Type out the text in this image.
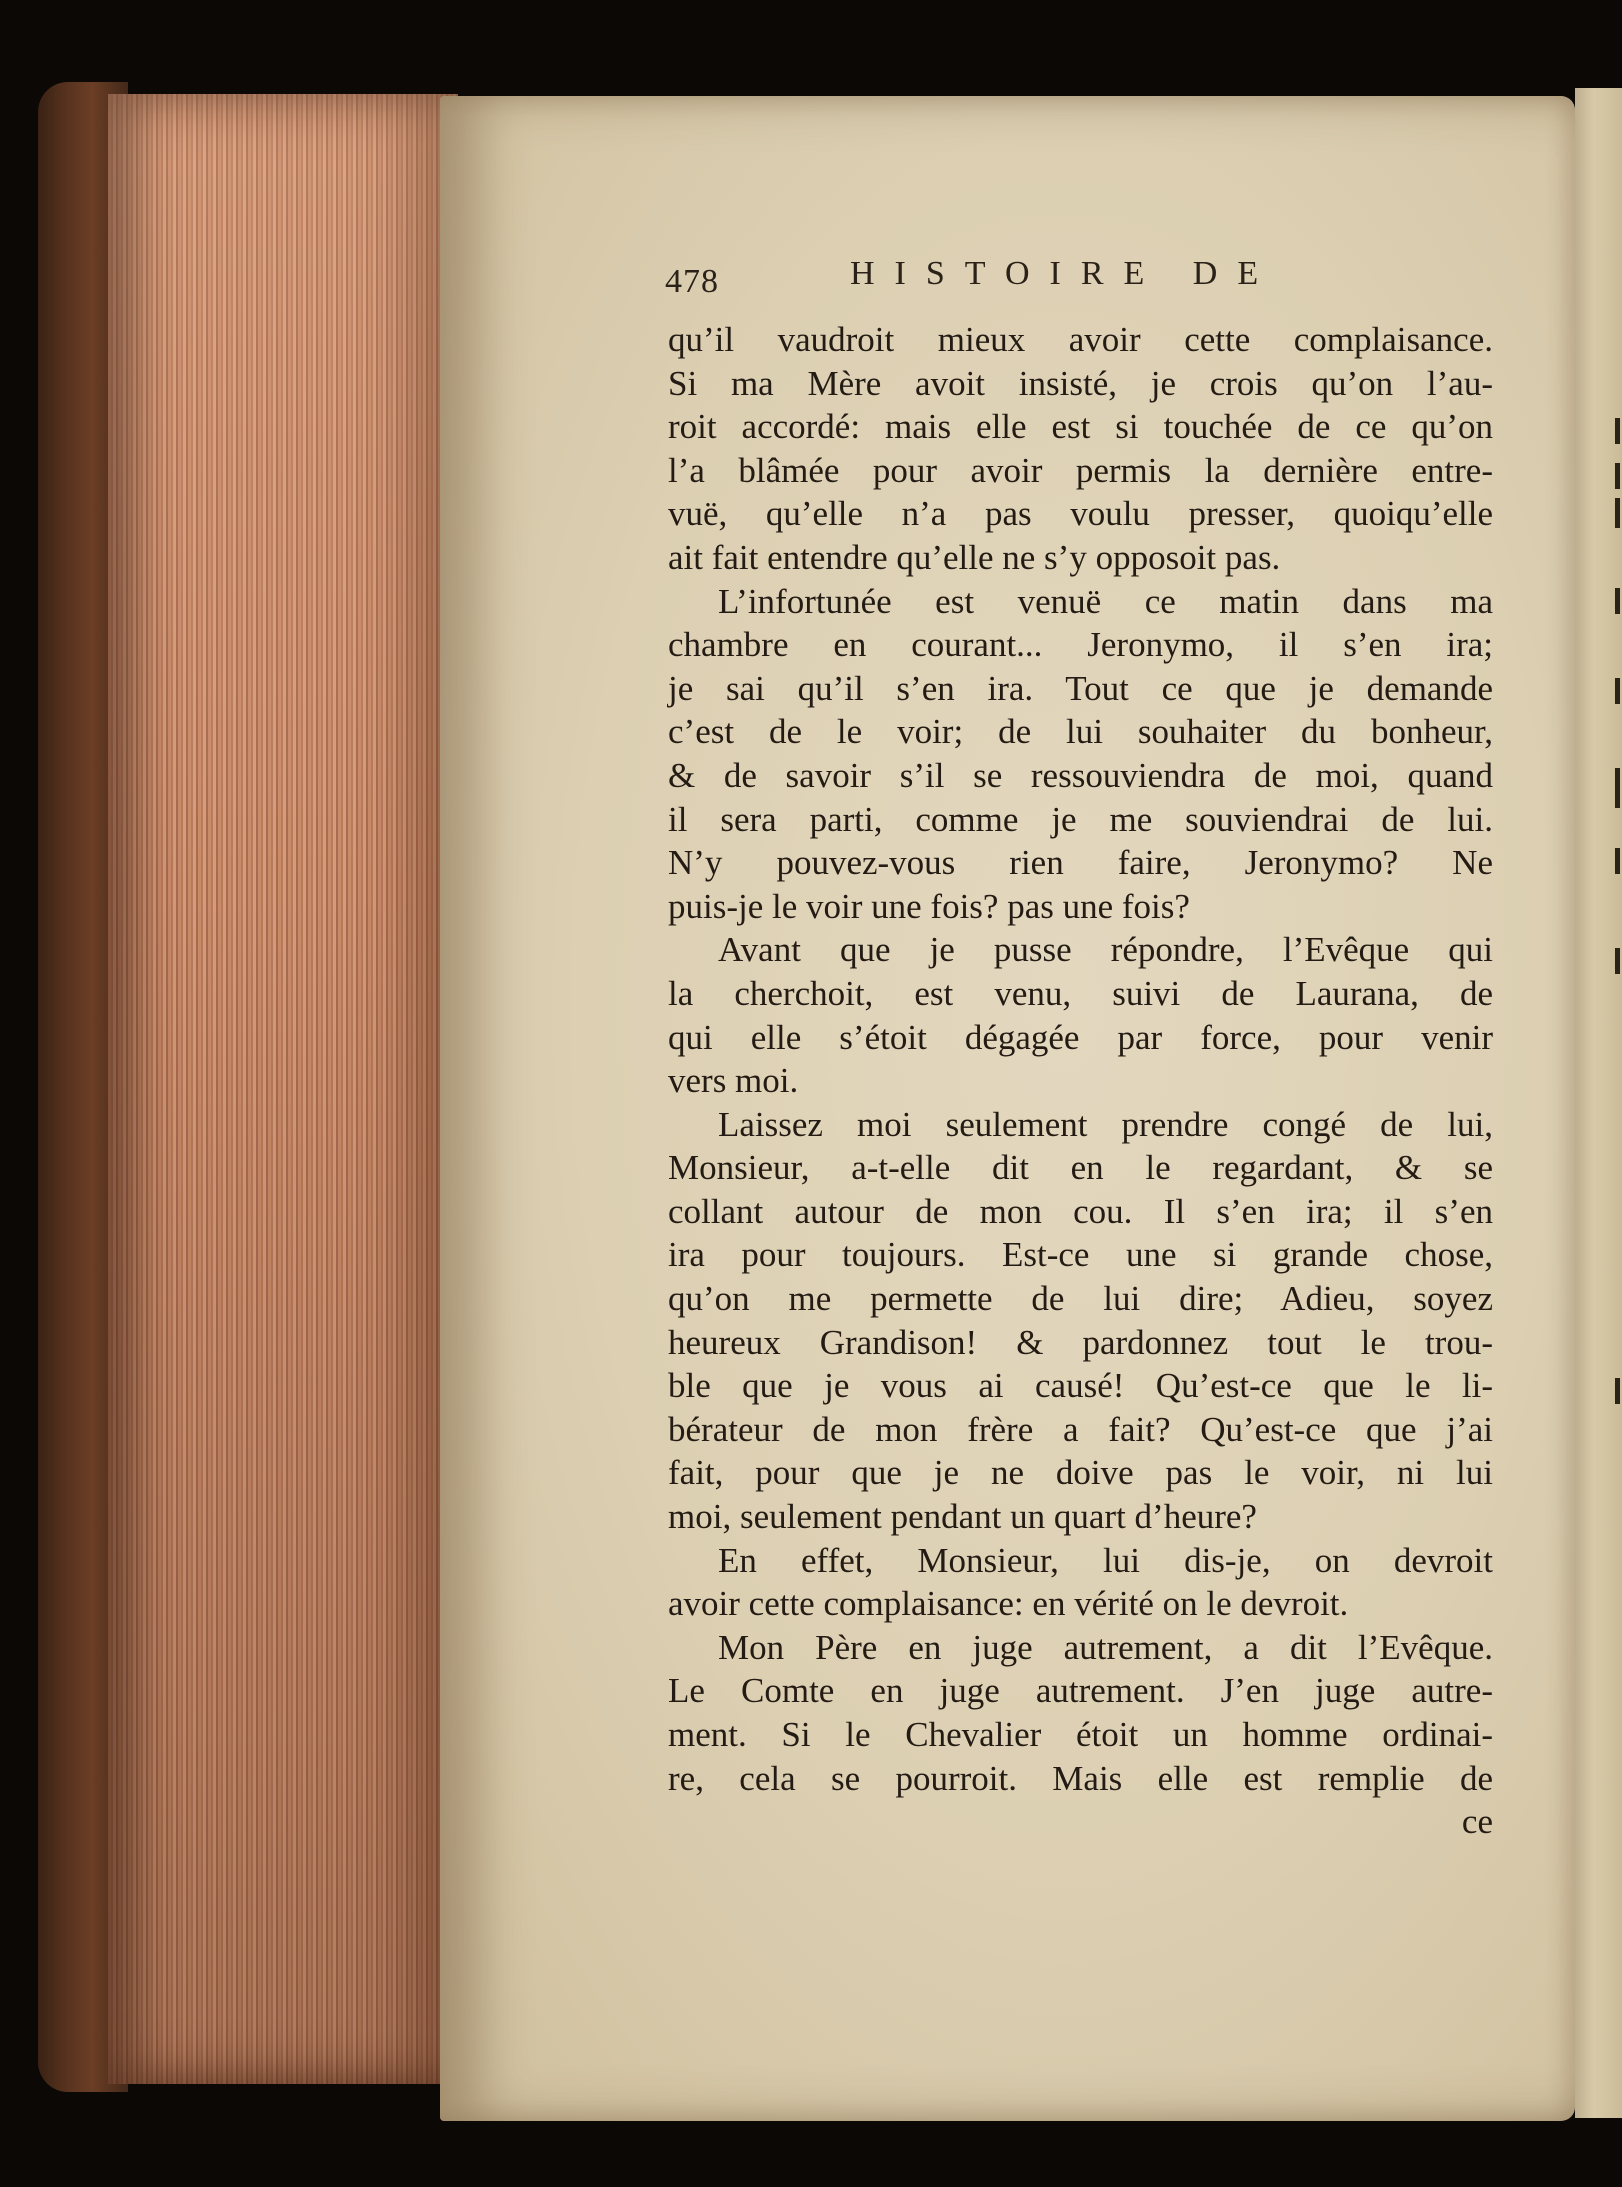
478	HISTOIRE DE
qu’il vaudroit mieux avoir cette complaisance.
Si ma Mère avoit insisté, je crois qu’on l’au-
roit accordé: mais elle est si touchée de ce qu’on
l’a blâmée pour avoir permis la dernière entre-
vuë, qu’elle n’a pas voulu presser, quoiqu’elle
ait fait entendre qu’elle ne s’y opposoit pas.
L’infortunée est venuë ce matin dans ma
chambre en courant... Jeronymo, il s’en ira;
je sai qu’il s’en ira. Tout ce que je demande
c’est de le voir; de lui souhaiter du bonheur,
& de savoir s’il se ressouviendra de moi, quand
il sera parti, comme je me souviendrai de lui.
N’y pouvez-vous rien faire, Jeronymo? Ne
puis-je le voir une fois? pas une fois?
Avant que je pusse répondre, l’Evêque qui
la cherchoit, est venu, suivi de Laurana, de
qui elle s’étoit dégagée par force, pour venir
vers moi.
Laissez moi seulement prendre congé de lui,
Monsieur, a-t-elle dit en le regardant, & se
collant autour de mon cou. Il s’en ira; il s’en
ira pour toujours. Est-ce une si grande chose,
qu’on me permette de lui dire; Adieu, soyez
heureux Grandison! & pardonnez tout le trou-
ble que je vous ai causé! Qu’est-ce que le li-
bérateur de mon frère a fait? Qu’est-ce que j’ai
fait, pour que je ne doive pas le voir, ni lui
moi, seulement pendant un quart d’heure?
En effet, Monsieur, lui dis-je, on devroit
avoir cette complaisance: en vérité on le devroit.
Mon Père en juge autrement, a dit l’Evêque.
Le Comte en juge autrement. J’en juge autre-
ment. Si le Chevalier étoit un homme ordinai-
re, cela se pourroit. Mais elle est remplie de
ce
